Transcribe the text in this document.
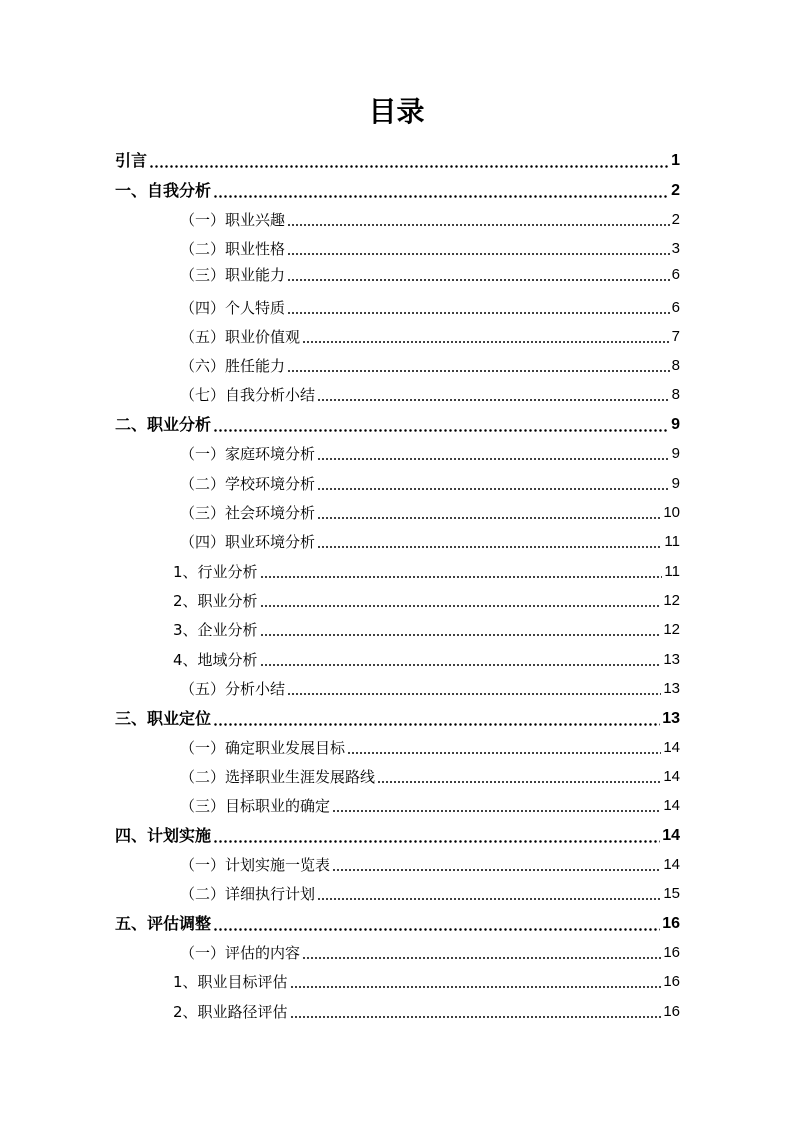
目录
引言	1
一、自我分析	2
（一）职业兴趣	2
（二）职业性格	3
（三）职业能力	6
（四）个人特质	6
（五）职业价值观	7
（六）胜任能力	8
（七）自我分析小结	8
二、职业分析	9
（一）家庭环境分析	9
（二）学校环境分析	9
（三）社会环境分析	10
（四）职业环境分析	11
1、行业分析	11
2、职业分析	12
3、企业分析	12
4、地域分析	13
（五）分析小结	13
三、职业定位	13
（一）确定职业发展目标	14
（二）选择职业生涯发展路线	14
（三）目标职业的确定	14
四、计划实施	14
（一）计划实施一览表	14
（二）详细执行计划	15
五、评估调整	16
（一）评估的内容	16
1、职业目标评估	16
2、职业路径评估	16
